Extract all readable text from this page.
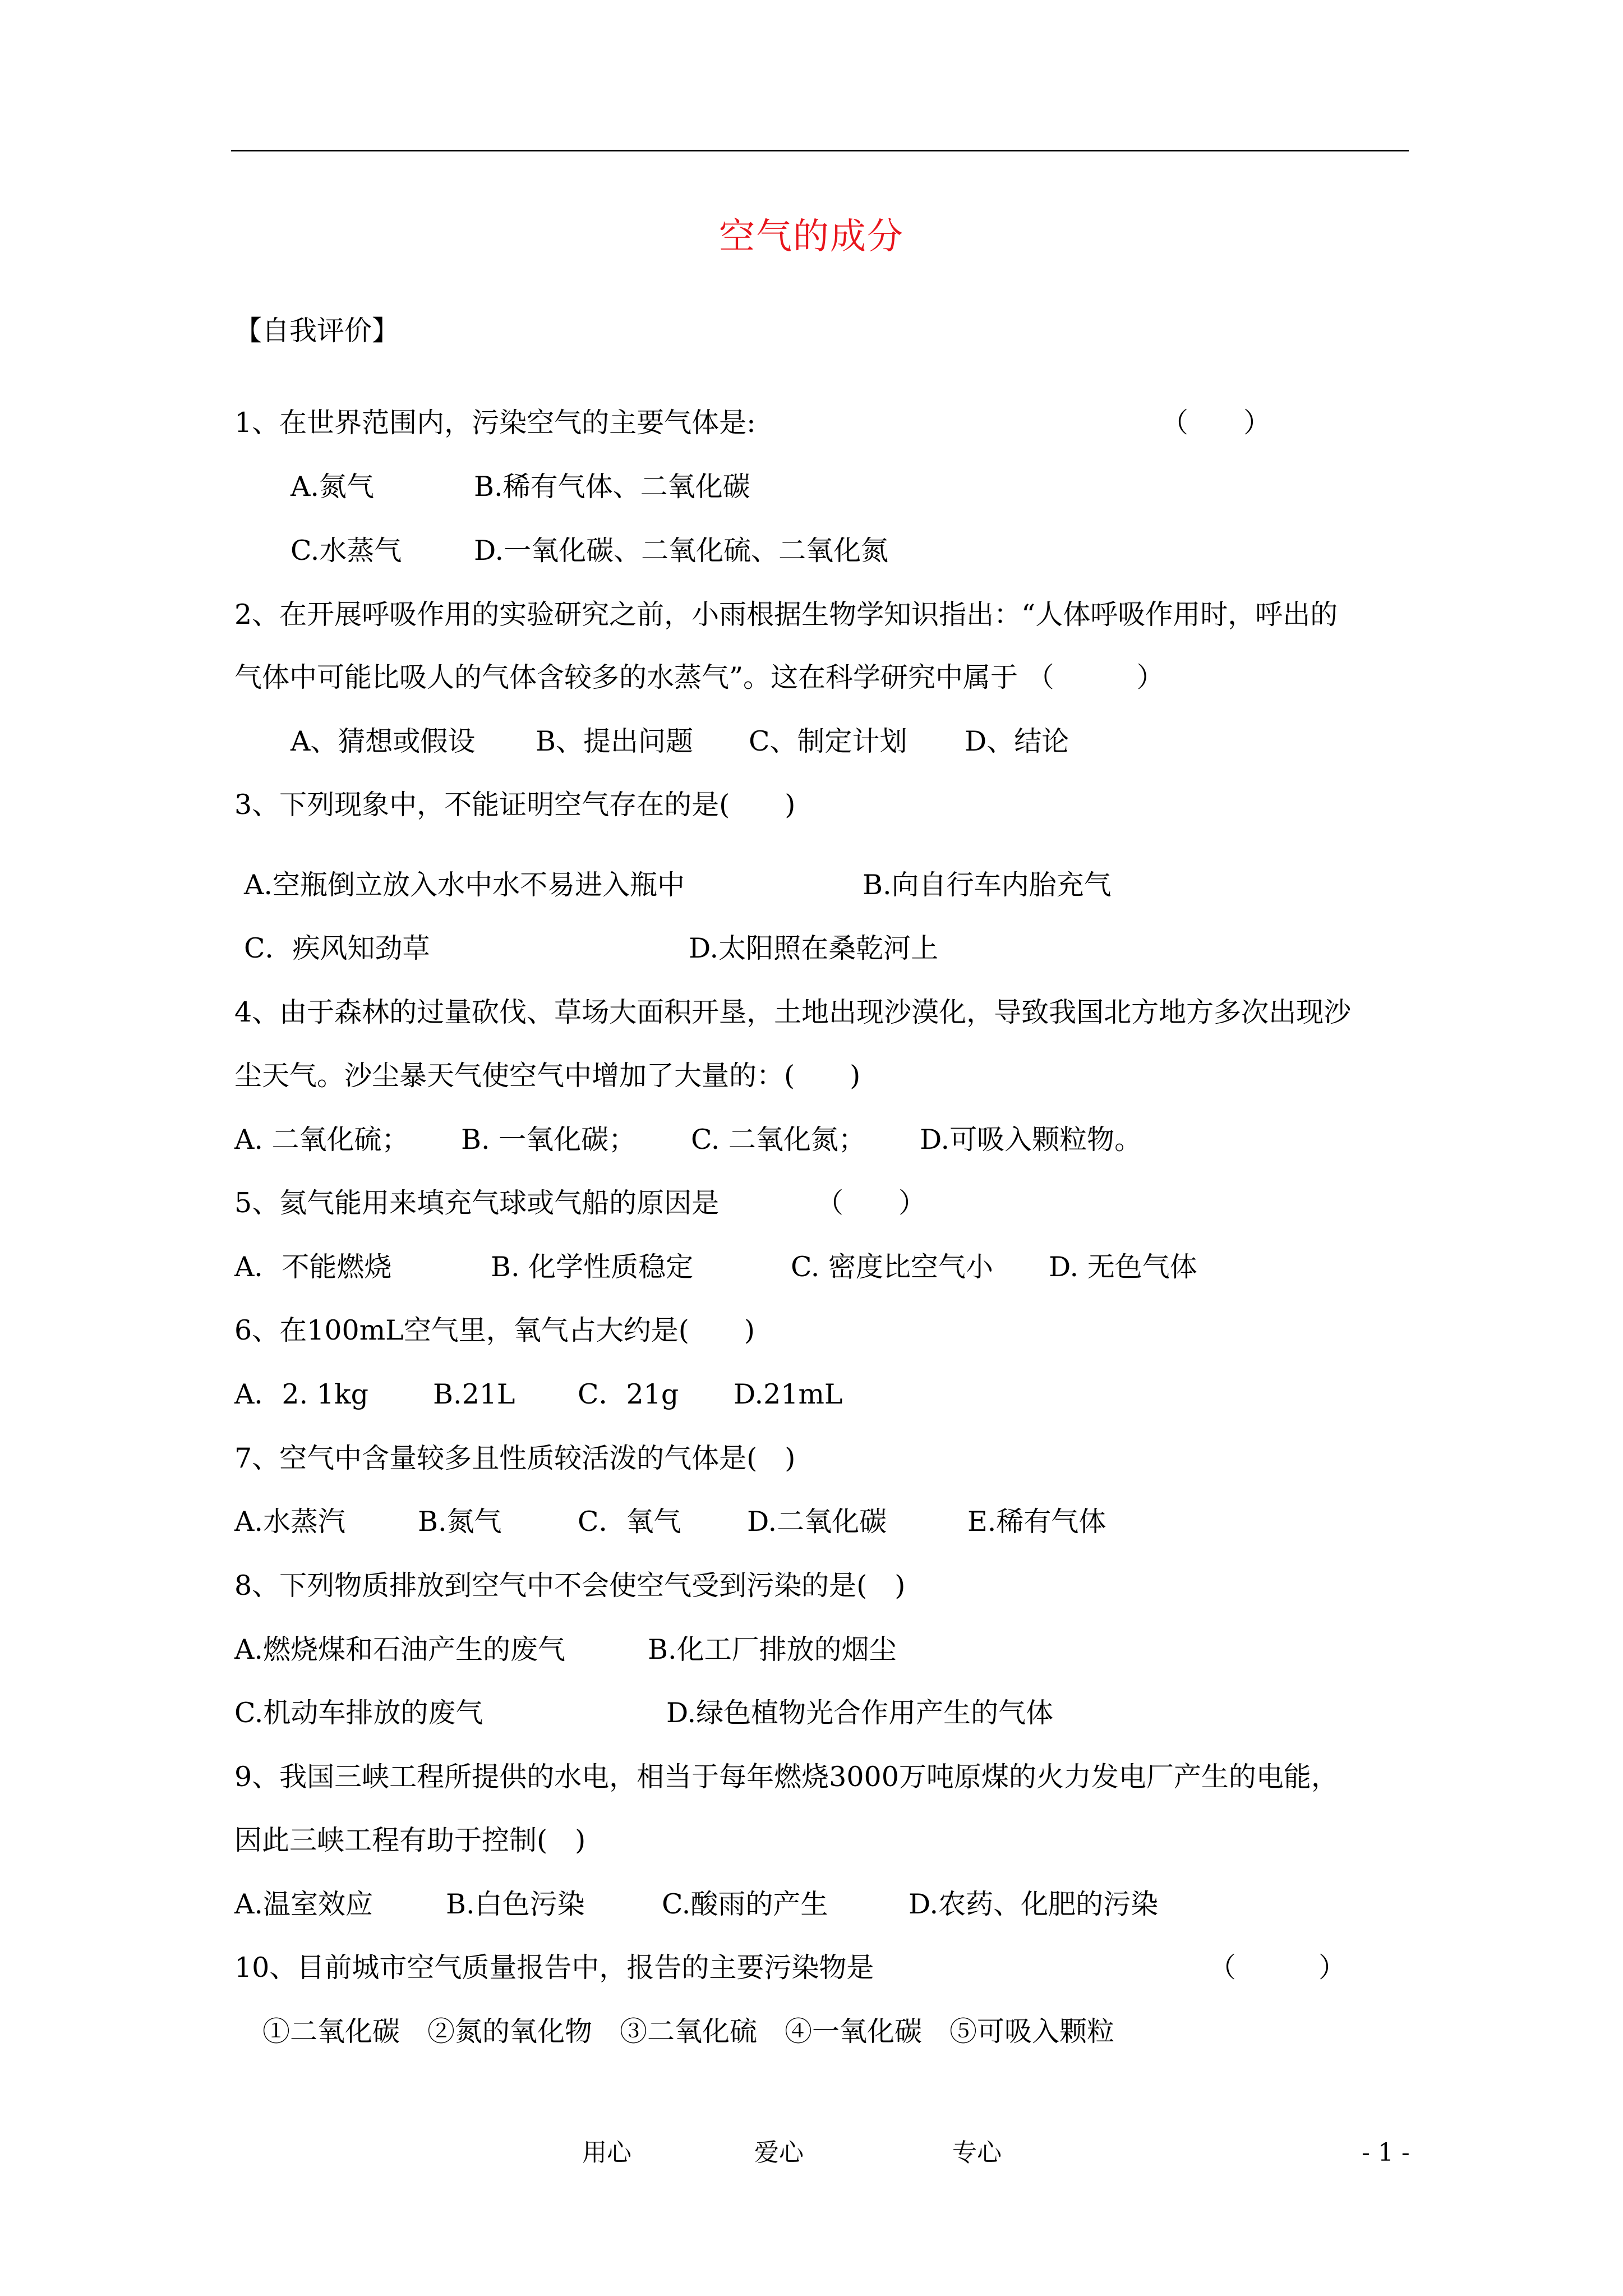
空气的成分
【自我评价】
1、在世界范围内，污染空气的主要气体是:	（　　）
A.氮气	B.稀有气体、二氧化碳
C.水蒸气	D.一氧化碳、二氧化硫、二氧化氮
2、在开展呼吸作用的实验研究之前，小雨根据生物学知识指出：“人体呼吸作用时，呼出的
气体中可能比吸人的气体含较多的水蒸气”。这在科学研究中属于 （　　　）
A、猜想或假设 B、提出问题 C、制定计划 D、结论
3、下列现象中，不能证明空气存在的是(　　)
A.空瓶倒立放入水中水不易进入瓶中	B.向自行车内胎充气
C．疾风知劲草	D.太阳照在桑乾河上
4、由于森林的过量砍伐、草场大面积开垦，土地出现沙漠化，导致我国北方地方多次出现沙
尘天气。沙尘暴天气使空气中增加了大量的：(　　)
A. 二氧化硫； B. 一氧化碳； C. 二氧化氮； D.可吸入颗粒物。
5、氦气能用来填充气球或气船的原因是	（　　）
A．不能燃烧	B. 化学性质稳定	C. 密度比空气小 D. 无色气体
6、在100mL空气里，氧气占大约是(　　)
A．2. 1kg B.21L C．21g D.21mL
7、空气中含量较多且性质较活泼的气体是(　)
A.水蒸汽	B.氮气	C．氧气 D.二氧化碳	E.稀有气体
8、下列物质排放到空气中不会使空气受到污染的是(　)
A.燃烧煤和石油产生的废气	B.化工厂排放的烟尘
C.机动车排放的废气	D.绿色植物光合作用产生的气体
9、我国三峡工程所提供的水电，相当于每年燃烧3000万吨原煤的火力发电厂产生的电能，
因此三峡工程有助于控制(　)
A.温室效应	B.白色污染	C.酸雨的产生	D.农药、化肥的污染
10、目前城市空气质量报告中，报告的主要污染物是	（　　　）
①二氧化碳　②氮的氧化物　③二氧化硫　④一氧化碳　⑤可吸入颗粒
用心	爱心	专心	- 1 -
